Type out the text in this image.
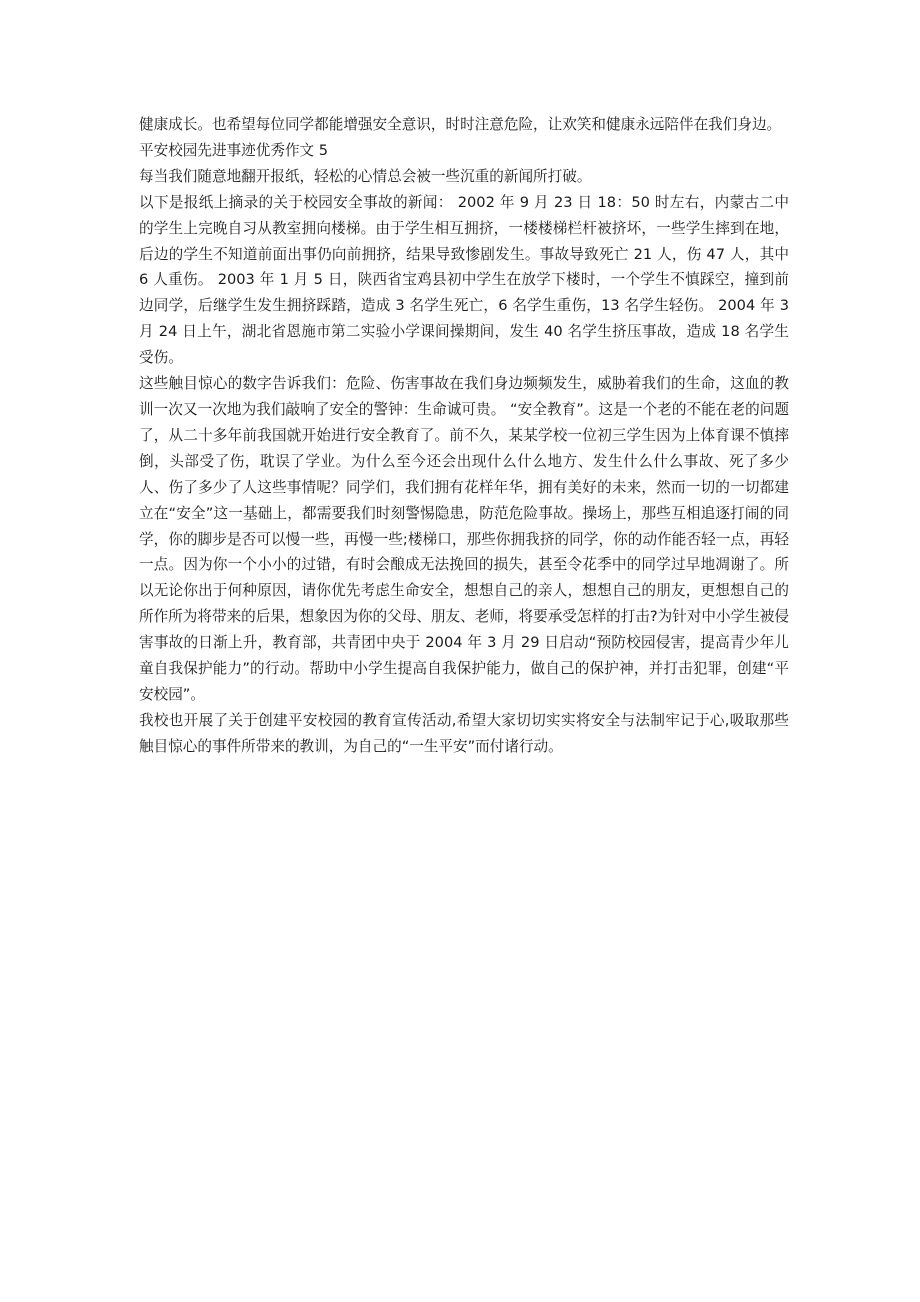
健康成长。也希望每位同学都能增强安全意识，时时注意危险，让欢笑和健康永远陪伴在我们身边。

平安校园先进事迹优秀作文 5

每当我们随意地翻开报纸，轻松的心情总会被一些沉重的新闻所打破。

以下是报纸上摘录的关于校园安全事故的新闻： 2002 年 9 月 23 日 18：50 时左右，内蒙古二中的学生上完晚自习从教室拥向楼梯。由于学生相互拥挤，一楼楼梯栏杆被挤坏，一些学生摔到在地，后边的学生不知道前面出事仍向前拥挤，结果导致惨剧发生。事故导致死亡 21 人，伤 47 人，其中 6 人重伤。 2003 年 1 月 5 日，陕西省宝鸡县初中学生在放学下楼时，一个学生不慎踩空，撞到前边同学，后继学生发生拥挤踩踏，造成 3 名学生死亡，6 名学生重伤，13 名学生轻伤。 2004 年 3 月 24 日上午，湖北省恩施市第二实验小学课间操期间，发生 40 名学生挤压事故，造成 18 名学生受伤。

这些触目惊心的数字告诉我们：危险、伤害事故在我们身边频频发生，威胁着我们的生命，这血的教训一次又一次地为我们敲响了安全的警钟：生命诚可贵。 “安全教育”。这是一个老的不能在老的问题了，从二十多年前我国就开始进行安全教育了。前不久，某某学校一位初三学生因为上体育课不慎摔倒，头部受了伤，耽误了学业。为什么至今还会出现什么什么地方、发生什么什么事故、死了多少人、伤了多少了人这些事情呢？同学们，我们拥有花样年华，拥有美好的未来，然而一切的一切都建立在“安全”这一基础上，都需要我们时刻警惕隐患，防范危险事故。操场上，那些互相追逐打闹的同学，你的脚步是否可以慢一些，再慢一些;楼梯口，那些你拥我挤的同学，你的动作能否轻一点，再轻一点。因为你一个小小的过错，有时会酿成无法挽回的损失，甚至令花季中的同学过早地凋谢了。所以无论你出于何种原因，请你优先考虑生命安全，想想自己的亲人，想想自己的朋友，更想想自己的所作所为将带来的后果，想象因为你的父母、朋友、老师，将要承受怎样的打击?为针对中小学生被侵害事故的日渐上升，教育部，共青团中央于 2004 年 3 月 29 日启动“预防校园侵害，提高青少年儿童自我保护能力”的行动。帮助中小学生提高自我保护能力，做自己的保护神，并打击犯罪，创建“平安校园”。

我校也开展了关于创建平安校园的教育宣传活动,希望大家切切实实将安全与法制牢记于心,吸取那些触目惊心的事件所带来的教训，为自己的“一生平安”而付诸行动。
